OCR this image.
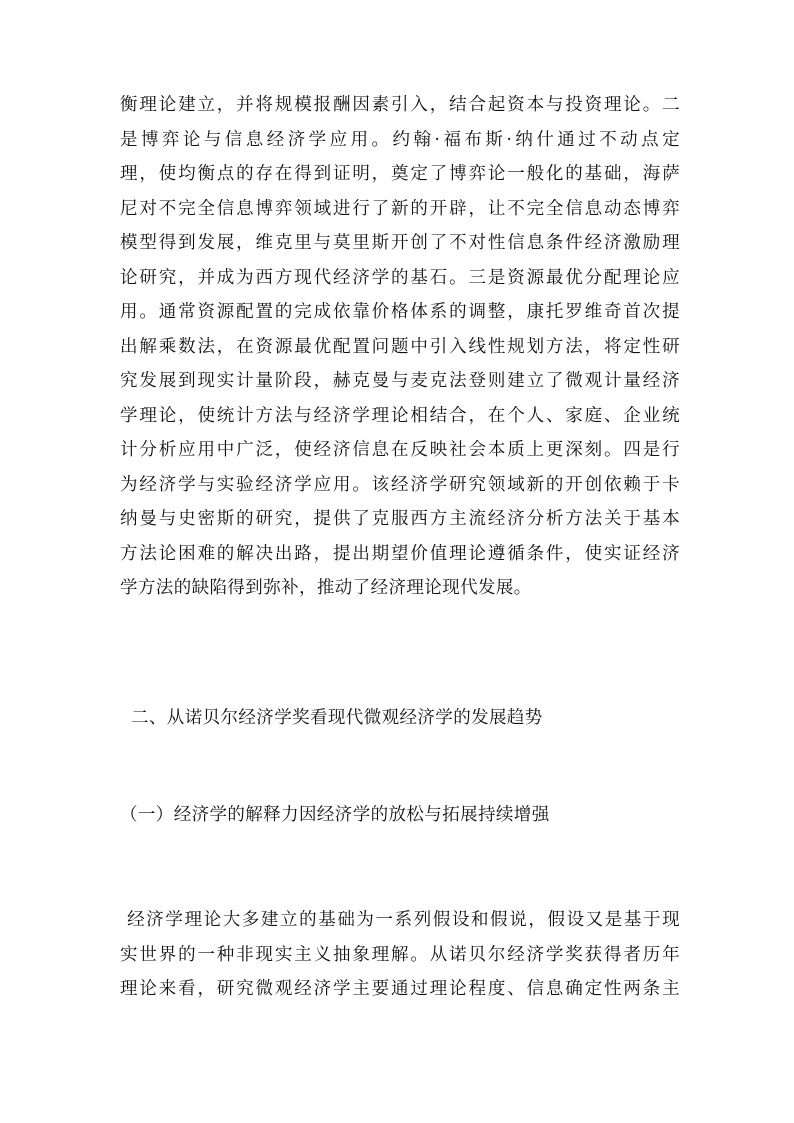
衡理论建立，并将规模报酬因素引入，结合起资本与投资理论。二
是博弈论与信息经济学应用。约翰·福布斯·纳什通过不动点定
理，使均衡点的存在得到证明，奠定了博弈论一般化的基础，海萨
尼对不完全信息博弈领域进行了新的开辟，让不完全信息动态博弈
模型得到发展，维克里与莫里斯开创了不对性信息条件经济激励理
论研究，并成为西方现代经济学的基石。三是资源最优分配理论应
用。通常资源配置的完成依靠价格体系的调整，康托罗维奇首次提
出解乘数法，在资源最优配置问题中引入线性规划方法，将定性研
究发展到现实计量阶段，赫克曼与麦克法登则建立了微观计量经济
学理论，使统计方法与经济学理论相结合，在个人、家庭、企业统
计分析应用中广泛，使经济信息在反映社会本质上更深刻。四是行
为经济学与实验经济学应用。该经济学研究领域新的开创依赖于卡
纳曼与史密斯的研究，提供了克服西方主流经济分析方法关于基本
方法论困难的解决出路，提出期望价值理论遵循条件，使实证经济
学方法的缺陷得到弥补，推动了经济理论现代发展。
二、从诺贝尔经济学奖看现代微观经济学的发展趋势
（一）经济学的解释力因经济学的放松与拓展持续增强
经济学理论大多建立的基础为一系列假设和假说，假设又是基于现
实世界的一种非现实主义抽象理解。从诺贝尔经济学奖获得者历年
理论来看，研究微观经济学主要通过理论程度、信息确定性两条主
